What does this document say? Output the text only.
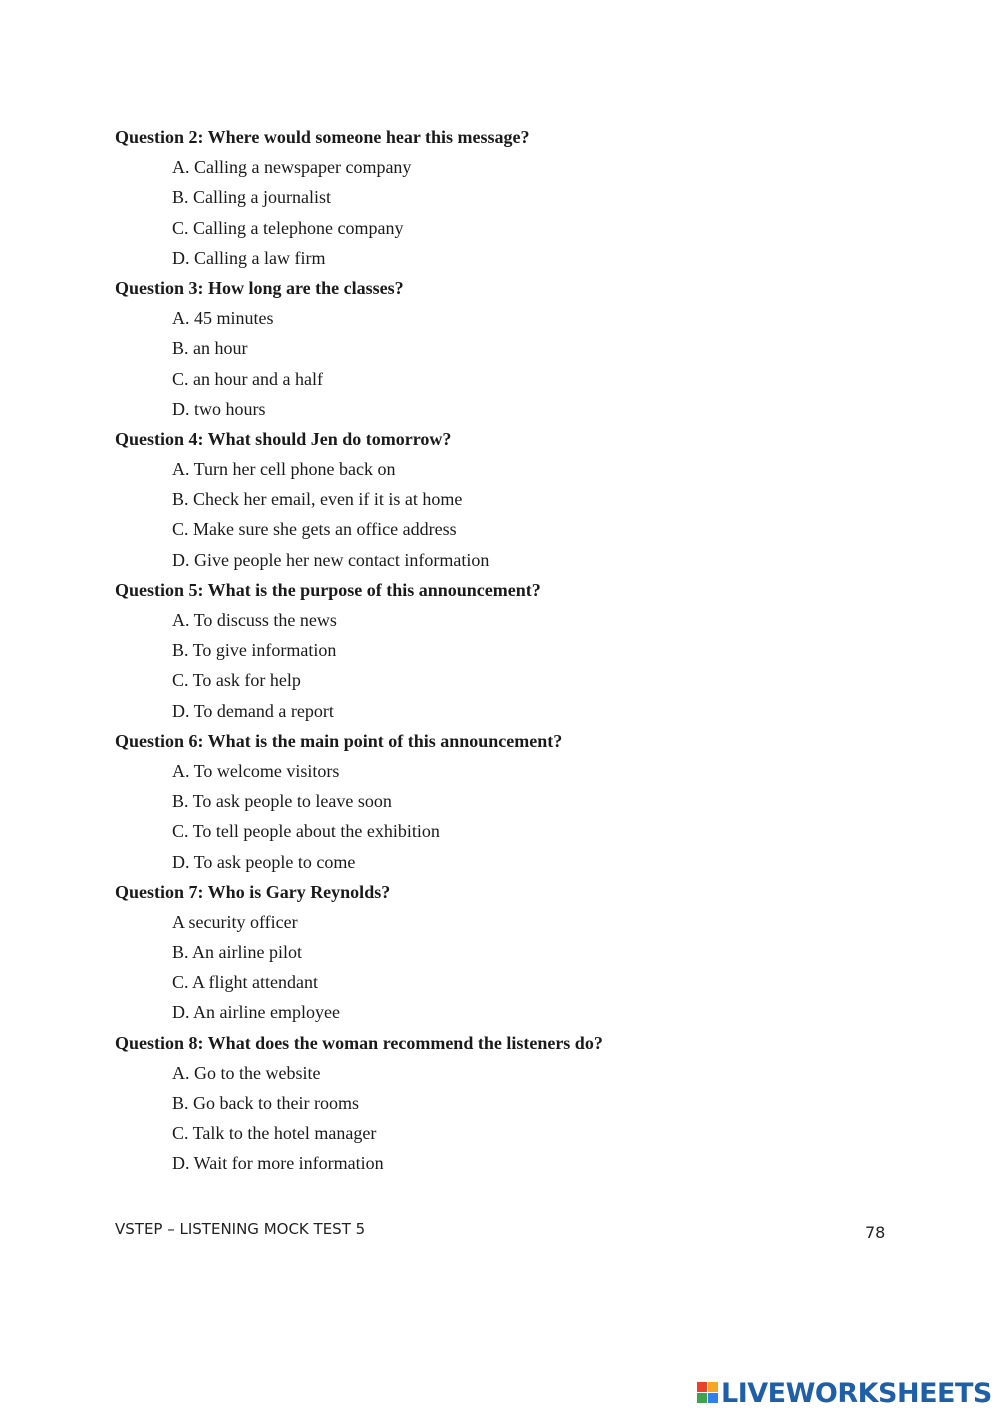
Question 2: Where would someone hear this message?
A. Calling a newspaper company
B. Calling a journalist
C. Calling a telephone company
D. Calling a law firm
Question 3: How long are the classes?
A. 45 minutes
B. an hour
C. an hour and a half
D. two hours
Question 4: What should Jen do tomorrow?
A. Turn her cell phone back on
B. Check her email, even if it is at home
C. Make sure she gets an office address
D. Give people her new contact information
Question 5: What is the purpose of this announcement?
A. To discuss the news
B. To give information
C. To ask for help
D. To demand a report
Question 6: What is the main point of this announcement?
A. To welcome visitors
B. To ask people to leave soon
C. To tell people about the exhibition
D. To ask people to come
Question 7: Who is Gary Reynolds?
A security officer
B. An airline pilot
C. A flight attendant
D. An airline employee
Question 8: What does the woman recommend the listeners do?
A. Go to the website
B. Go back to their rooms
C. Talk to the hotel manager
D. Wait for more information
VSTEP – LISTENING MOCK TEST 5	78
LIVEWORKSHEETS
